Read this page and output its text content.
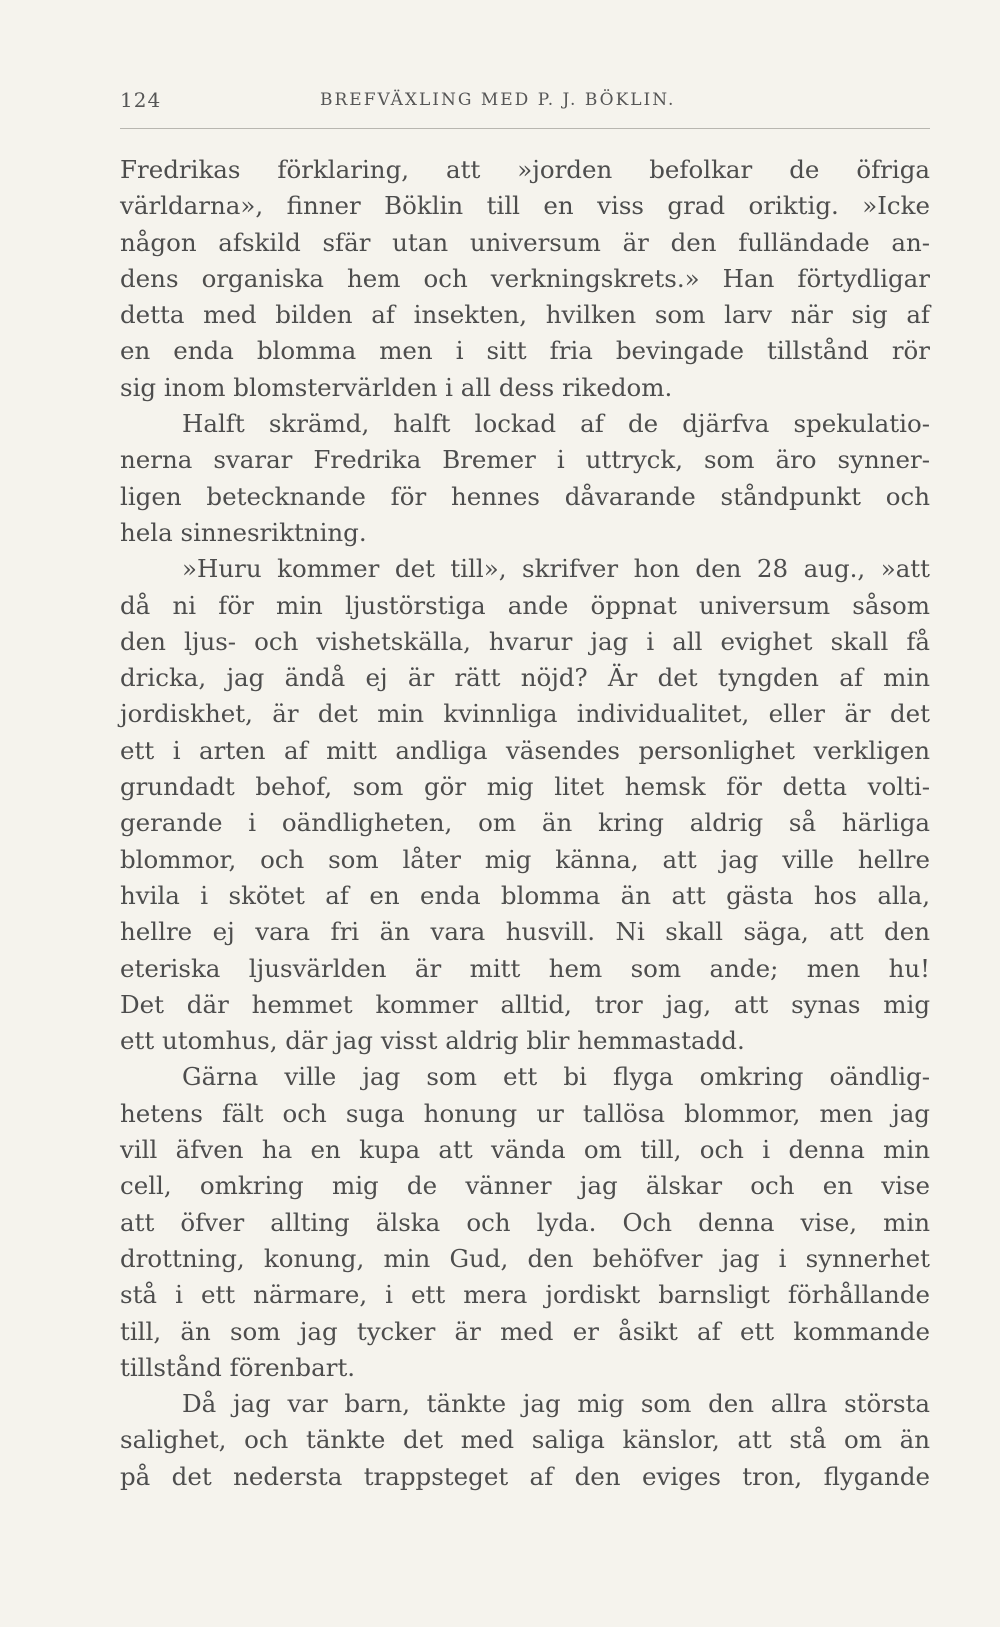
124	BREFVÄXLING MED P. J. BÖKLIN.
Fredrikas förklaring, att »jorden befolkar de öfriga
världarna», finner Böklin till en viss grad oriktig. »Icke
någon afskild sfär utan universum är den fulländade an-
dens organiska hem och verkningskrets.» Han förtydligar
detta med bilden af insekten, hvilken som larv när sig af
en enda blomma men i sitt fria bevingade tillstånd rör
sig inom blomstervärlden i all dess rikedom.
Halft skrämd, halft lockad af de djärfva spekulatio-
nerna svarar Fredrika Bremer i uttryck, som äro synner-
ligen betecknande för hennes dåvarande ståndpunkt och
hela sinnesriktning.
»Huru kommer det till», skrifver hon den 28 aug., »att
då ni för min ljustörstiga ande öppnat universum såsom
den ljus- och vishetskälla, hvarur jag i all evighet skall få
dricka, jag ändå ej är rätt nöjd? Är det tyngden af min
jordiskhet, är det min kvinnliga individualitet, eller är det
ett i arten af mitt andliga väsendes personlighet verkligen
grundadt behof, som gör mig litet hemsk för detta volti-
gerande i oändligheten, om än kring aldrig så härliga
blommor, och som låter mig känna, att jag ville hellre
hvila i skötet af en enda blomma än att gästa hos alla,
hellre ej vara fri än vara husvill. Ni skall säga, att den
eteriska ljusvärlden är mitt hem som ande; men hu!
Det där hemmet kommer alltid, tror jag, att synas mig
ett utomhus, där jag visst aldrig blir hemmastadd.
Gärna ville jag som ett bi flyga omkring oändlig-
hetens fält och suga honung ur tallösa blommor, men jag
vill äfven ha en kupa att vända om till, och i denna min
cell, omkring mig de vänner jag älskar och en vise
att öfver allting älska och lyda. Och denna vise, min
drottning, konung, min Gud, den behöfver jag i synnerhet
stå i ett närmare, i ett mera jordiskt barnsligt förhållande
till, än som jag tycker är med er åsikt af ett kommande
tillstånd förenbart.
Då jag var barn, tänkte jag mig som den allra största
salighet, och tänkte det med saliga känslor, att stå om än
på det nedersta trappsteget af den eviges tron, flygande
